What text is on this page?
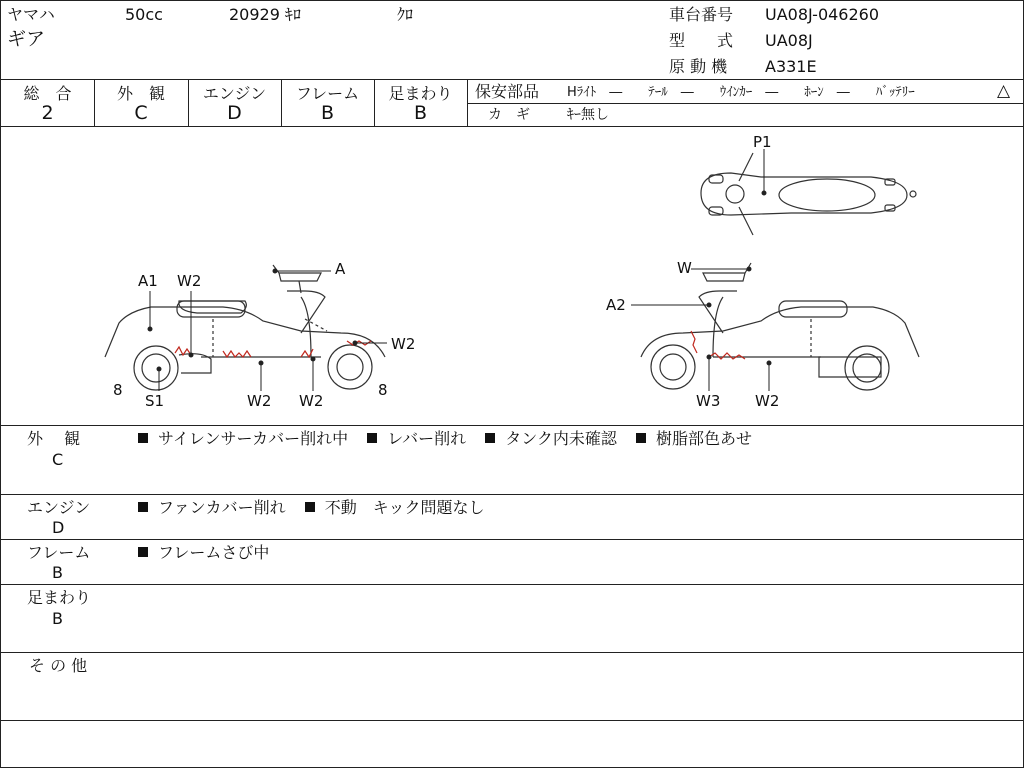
ヤマハ
ギア
50cc	20929 ｷﾛ	ｸﾛ	車台番号 UA08J-046260
型　　式 UA08J
原 動 機 A331E
総　合
2
外　観
C
エンジン
D
フレーム
B
足まわり
B
保安部品 Hﾗｲﾄ　―　　ﾃｰﾙ　―　　ｳｲﾝｶｰ　―　　ﾎｰﾝ　―　　ﾊﾞｯﾃﾘｰ	△
カ　ギ	ｷｰ無し
A1 W2
A
W2
8
S1	W2 W2
8
P1
W
A2
W3 W2
外　 観
C
サイレンサーカバー削れ中 レバー削れ タンク内未確認 樹脂部色あせ
エンジン
D
ファンカバー削れ 不動　キック問題なし
フレーム
B
フレームさび中
足まわり
B
そ の 他
